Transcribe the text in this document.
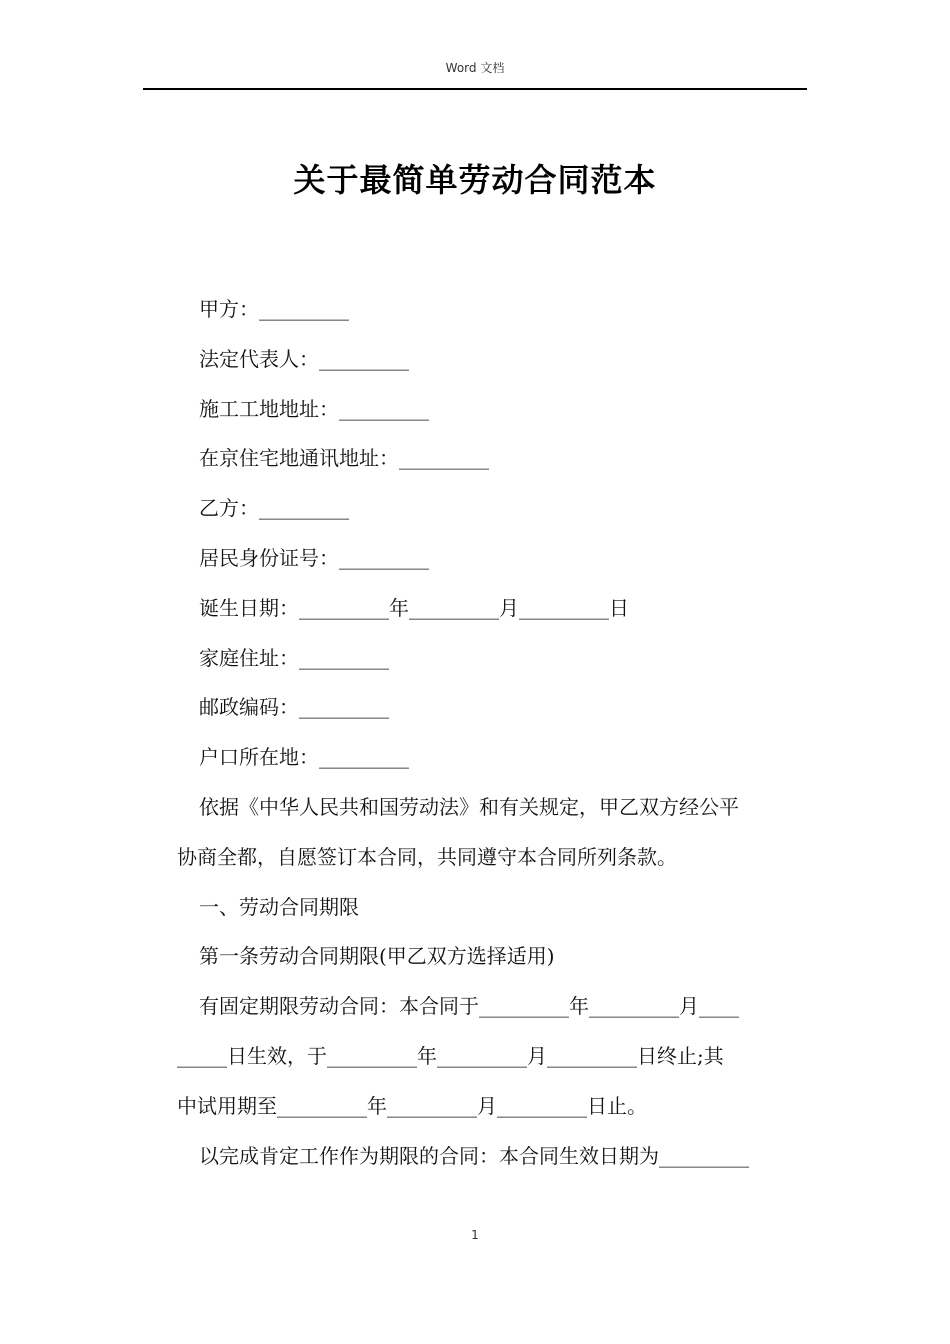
Word 文档
关于最简单劳动合同范本
甲方：_________
法定代表人：_________
施工工地地址：_________
在京住宅地通讯地址：_________
乙方：_________
居民身份证号：_________
诞生日期：_________年_________月_________日
家庭住址：_________
邮政编码：_________
户口所在地：_________
依据《中华人民共和国劳动法》和有关规定，甲乙双方经公平
协商全都，自愿签订本合同，共同遵守本合同所列条款。
一、劳动合同期限
第一条劳动合同期限(甲乙双方选择适用)
有固定期限劳动合同：本合同于_________年_________月____
_____日生效，于_________年_________月_________日终止;其
中试用期至_________年_________月_________日止。
以完成肯定工作作为期限的合同：本合同生效日期为_________
1
